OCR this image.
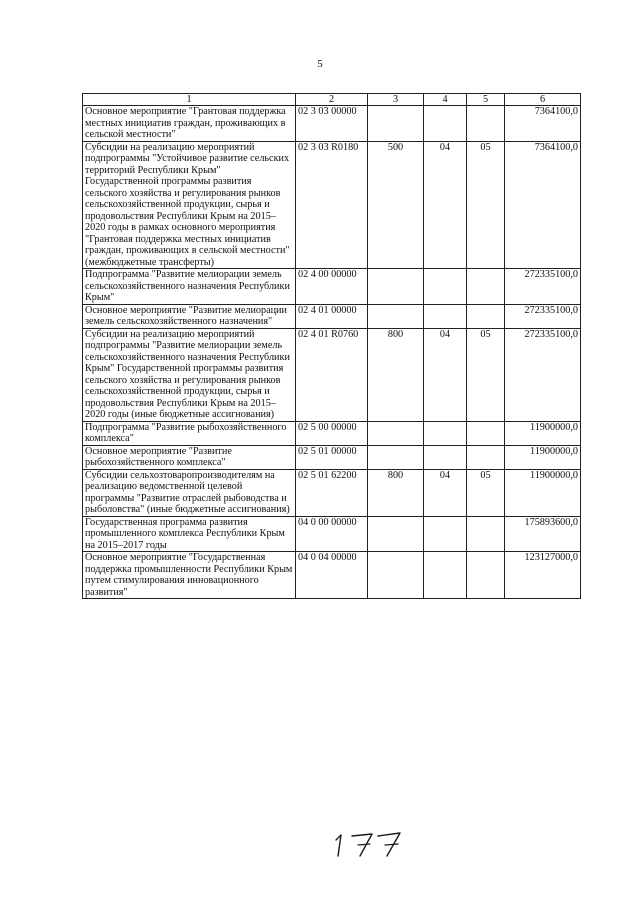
5
1	2	3	4	5	6
Основное мероприятие "Грантовая поддержка местных инициатив граждан, проживающих в сельской местности"	02 3 03 00000				7364100,0
Субсидии на реализацию мероприятий подпрограммы "Устойчивое развитие сельских территорий Республики Крым" Государственной программы развития сельского хозяйства и регулирования рынков сельскохозяйственной продукции, сырья и продовольствия Республики Крым на 2015–2020 годы в рамках основного мероприятия "Грантовая поддержка местных инициатив граждан, проживающих в сельской местности" (межбюджетные трансферты)	02 3 03 R0180	500	04	05	7364100,0
Подпрограмма "Развитие мелиорации земель сельскохозяйственного назначения Республики Крым"	02 4 00 00000				272335100,0
Основное мероприятие "Развитие мелиорации земель сельскохозяйственного назначения"	02 4 01 00000				272335100,0
Субсидии на реализацию мероприятий подпрограммы "Развитие мелиорации земель сельскохозяйственного назначения Республики Крым" Государственной программы развития сельского хозяйства и регулирования рынков сельскохозяйственной продукции, сырья и продовольствия Республики Крым на 2015–2020 годы (иные бюджетные ассигнования)	02 4 01 R0760	800	04	05	272335100,0
Подпрограмма "Развитие рыбохозяйственного комплекса"	02 5 00 00000				11900000,0
Основное мероприятие "Развитие рыбохозяйственного комплекса"	02 5 01 00000				11900000,0
Субсидии сельхозтоваропроизводителям на реализацию ведомственной целевой программы "Развитие отраслей рыбоводства и рыболовства" (иные бюджетные ассигнования)	02 5 01 62200	800	04	05	11900000,0
Государственная программа развития промышленного комплекса Республики Крым на 2015–2017 годы	04 0 00 00000				175893600,0
Основное мероприятие "Государственная поддержка промышленности Республики Крым путем стимулирования инновационного развития"	04 0 04 00000				123127000,0
